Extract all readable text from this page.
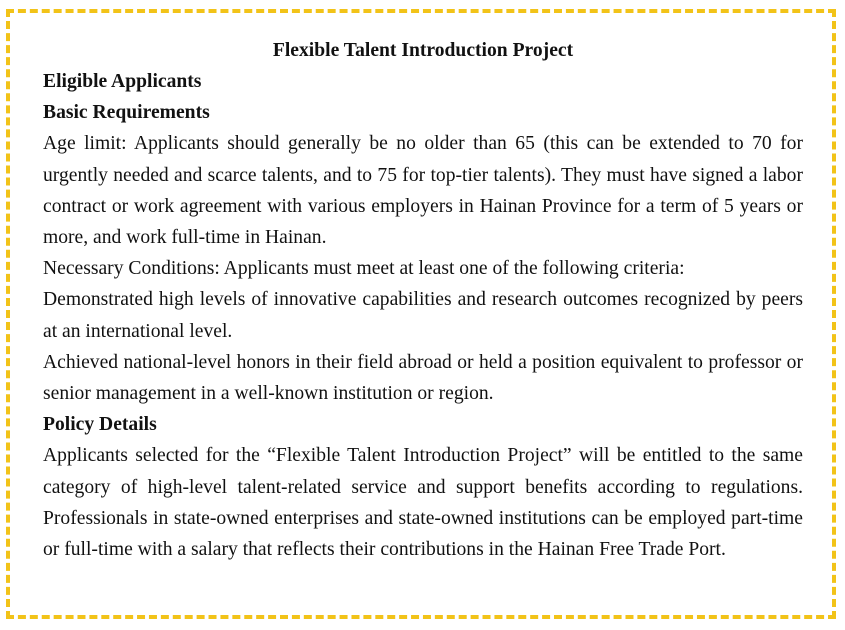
Flexible Talent Introduction Project

Eligible Applicants

Basic Requirements

Age limit: Applicants should generally be no older than 65 (this can be extended to 70 for urgently needed and scarce talents, and to 75 for top-tier talents). They must have signed a labor contract or work agreement with various employers in Hainan Province for a term of 5 years or more, and work full-time in Hainan.

Necessary Conditions: Applicants must meet at least one of the following criteria:

Demonstrated high levels of innovative capabilities and research outcomes recognized by peers at an international level.

Achieved national-level honors in their field abroad or held a position equivalent to professor or senior management in a well-known institution or region.

Policy Details

Applicants selected for the “Flexible Talent Introduction Project” will be entitled to the same category of high-level talent-related service and support benefits according to regulations. Professionals in state-owned enterprises and state-owned institutions can be employed part-time or full-time with a salary that reflects their contributions in the Hainan Free Trade Port.
